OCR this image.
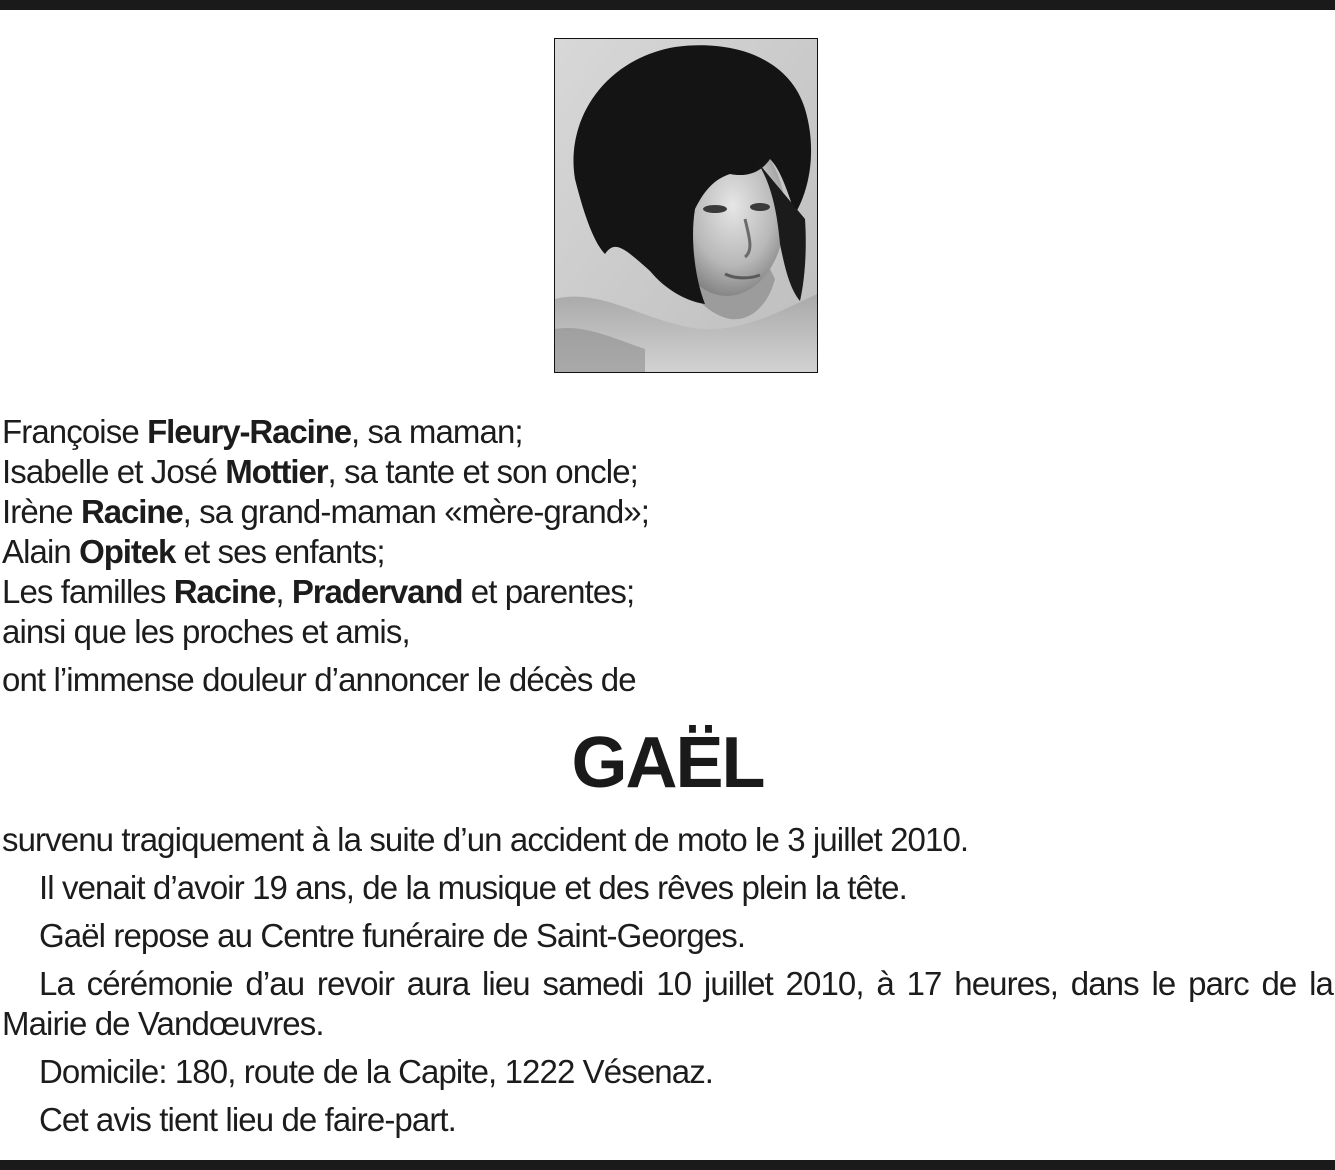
Françoise Fleury-Racine, sa maman;
Isabelle et José Mottier, sa tante et son oncle;
Irène Racine, sa grand-maman «mère-grand»;
Alain Opitek et ses enfants;
Les familles Racine, Pradervand et parentes;
ainsi que les proches et amis,
ont l’immense douleur d’annoncer le décès de
GAËL

survenu tragiquement à la suite d’un accident de moto le 3 juillet 2010.

Il venait d’avoir 19 ans, de la musique et des rêves plein la tête.

Gaël repose au Centre funéraire de Saint-Georges.

La cérémonie d’au revoir aura lieu samedi 10 juillet 2010, à 17 heures, dans le parc de la Mairie de Vandœuvres.

Domicile: 180, route de la Capite, 1222 Vésenaz.

Cet avis tient lieu de faire-part.
